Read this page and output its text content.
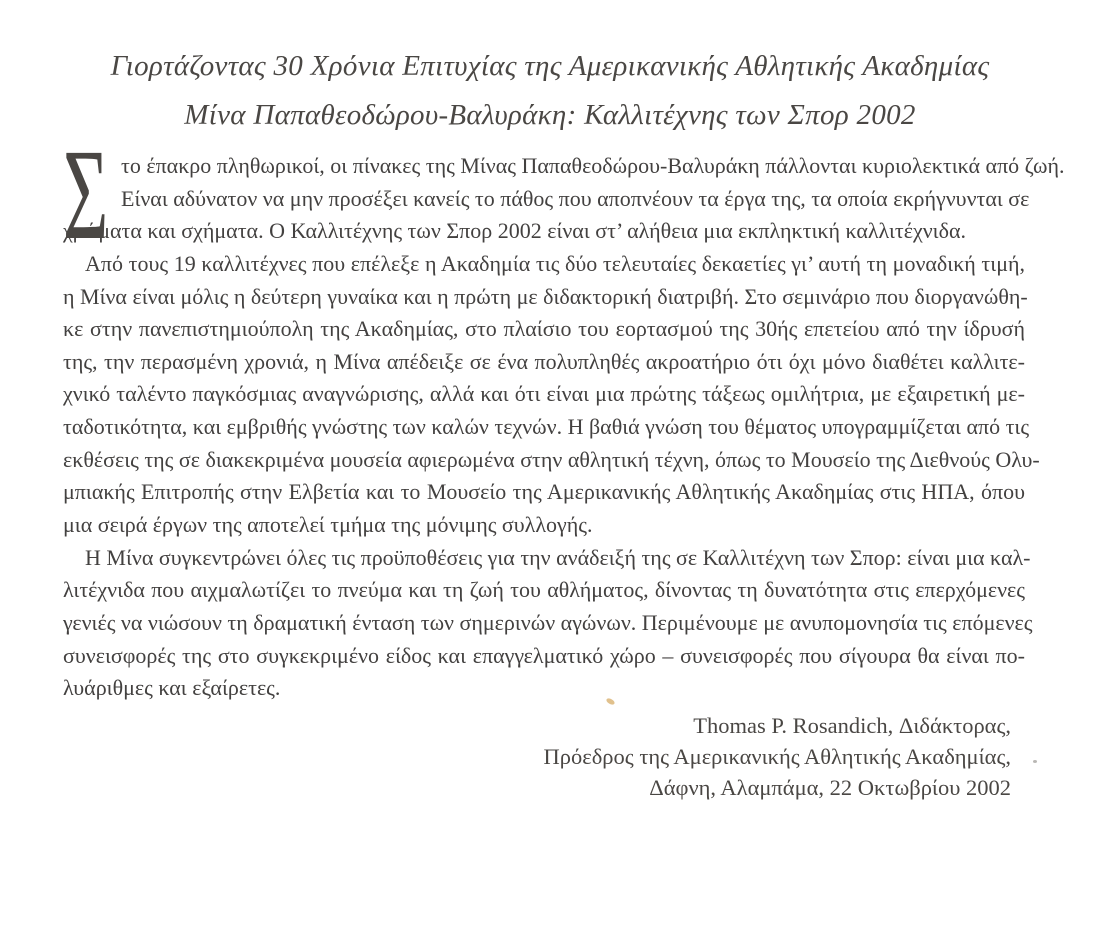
Γιορτάζοντας 30 Χρόνια Επιτυχίας της Αμερικανικής Αθλητικής Ακαδημίας
Μίνα Παπαθεοδώρου-Βαλυράκη: Καλλιτέχνης των Σπορ 2002
Σ το έπακρο πληθωρικοί, οι πίνακες της Μίνας Παπαθεοδώρου-Βαλυράκη πάλλονται κυριολεκτικά από ζωή.
Είναι αδύνατον να μην προσέξει κανείς το πάθος που αποπνέουν τα έργα της, τα οποία εκρήγνυνται σε
χρώματα και σχήματα. Ο Καλλιτέχνης των Σπορ 2002 είναι στ’ αλήθεια μια εκπληκτική καλλιτέχνιδα.
Από τους 19 καλλιτέχνες που επέλεξε η Ακαδημία τις δύο τελευταίες δεκαετίες γι’ αυτή τη μοναδική τιμή,
η Μίνα είναι μόλις η δεύτερη γυναίκα και η πρώτη με διδακτορική διατριβή. Στο σεμινάριο που διοργανώθη-
κε στην πανεπιστημιούπολη της Ακαδημίας, στο πλαίσιο του εορτασμού της 30ής επετείου από την ίδρυσή
της, την περασμένη χρονιά, η Μίνα απέδειξε σε ένα πολυπληθές ακροατήριο ότι όχι μόνο διαθέτει καλλιτε-
χνικό ταλέντο παγκόσμιας αναγνώρισης, αλλά και ότι είναι μια πρώτης τάξεως ομιλήτρια, με εξαιρετική με-
ταδοτικότητα, και εμβριθής γνώστης των καλών τεχνών. Η βαθιά γνώση του θέματος υπογραμμίζεται από τις
εκθέσεις της σε διακεκριμένα μουσεία αφιερωμένα στην αθλητική τέχνη, όπως το Μουσείο της Διεθνούς Ολυ-
μπιακής Επιτροπής στην Ελβετία και το Μουσείο της Αμερικανικής Αθλητικής Ακαδημίας στις ΗΠΑ, όπου
μια σειρά έργων της αποτελεί τμήμα της μόνιμης συλλογής.
Η Μίνα συγκεντρώνει όλες τις προϋποθέσεις για την ανάδειξή της σε Καλλιτέχνη των Σπορ: είναι μια καλ-
λιτέχνιδα που αιχμαλωτίζει το πνεύμα και τη ζωή του αθλήματος, δίνοντας τη δυνατότητα στις επερχόμενες
γενιές να νιώσουν τη δραματική ένταση των σημερινών αγώνων. Περιμένουμε με ανυπομονησία τις επόμενες
συνεισφορές της στο συγκεκριμένο είδος και επαγγελματικό χώρο – συνεισφορές που σίγουρα θα είναι πο-
λυάριθμες και εξαίρετες.
Thomas P. Rosandich, Διδάκτορας,
Πρόεδρος της Αμερικανικής Αθλητικής Ακαδημίας,
Δάφνη, Αλαμπάμα, 22 Οκτωβρίου 2002
